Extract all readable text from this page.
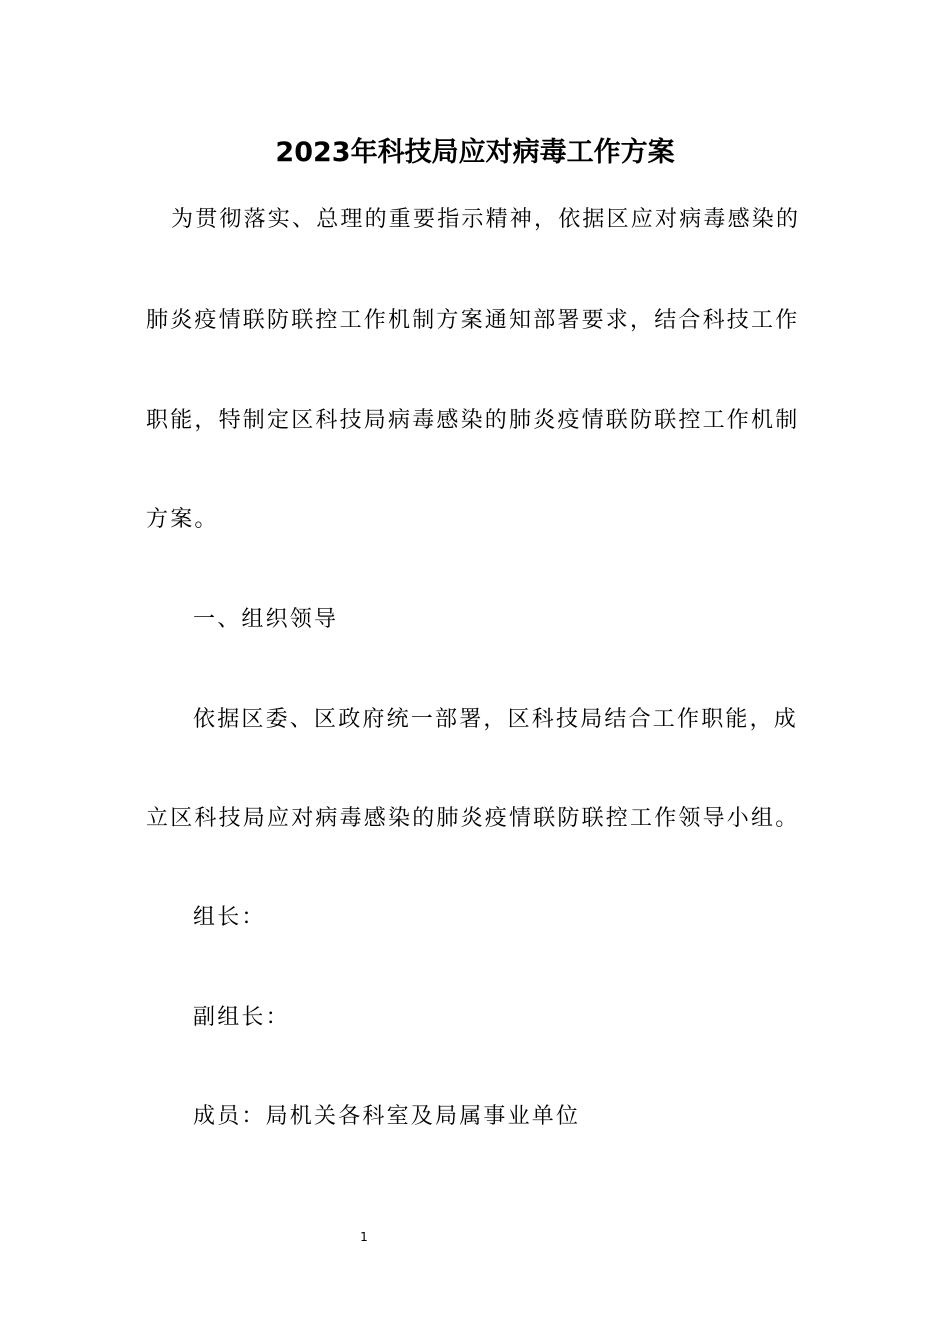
2023年科技局应对病毒工作方案
为贯彻落实、总理的重要指示精神，依据区应对病毒感染的
肺炎疫情联防联控工作机制方案通知部署要求，结合科技工作
职能，特制定区科技局病毒感染的肺炎疫情联防联控工作机制
方案。
一、组织领导
依据区委、区政府统一部署，区科技局结合工作职能，成
立区科技局应对病毒感染的肺炎疫情联防联控工作领导小组。
组长：
副组长：
成员：局机关各科室及局属事业单位
1
